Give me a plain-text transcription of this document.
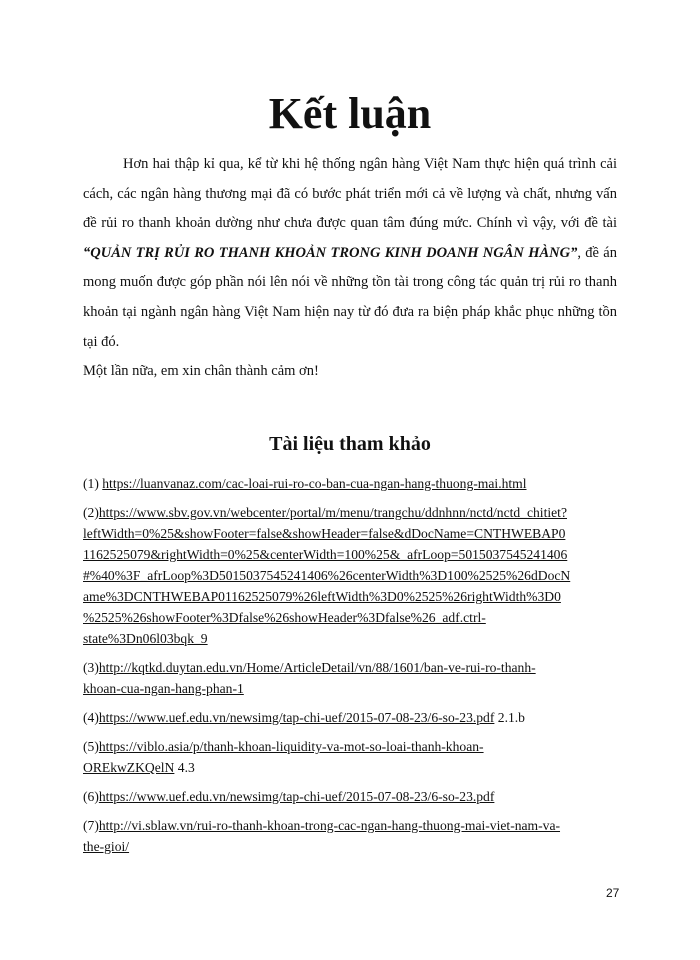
Kết luận

Hơn hai thập kỉ qua, kể từ khi hệ thống ngân hàng Việt Nam thực hiện quá trình cải cách, các ngân hàng thương mại đã có bước phát triển mới cả về lượng và chất, nhưng vấn đề rủi ro thanh khoản dường như chưa được quan tâm đúng mức. Chính vì vậy, với đề tài “QUẢN TRỊ RỦI RO THANH KHOẢN TRONG KINH DOANH NGÂN HÀNG”, đề án mong muốn được góp phần nói lên nói về những tồn tài trong công tác quản trị rủi ro thanh khoản tại ngành ngân hàng Việt Nam hiện nay từ đó đưa ra biện pháp khắc phục những tồn tại đó.

Một lần nữa, em xin chân thành cảm ơn!

Tài liệu tham khảo

(1) https://luanvanaz.com/cac-loai-rui-ro-co-ban-cua-ngan-hang-thuong-mai.html

(2)https://www.sbv.gov.vn/webcenter/portal/m/menu/trangchu/ddnhnn/nctd/nctd_chitiet?
leftWidth=0%25&showFooter=false&showHeader=false&dDocName=CNTHWEBAP0
1162525079&rightWidth=0%25&centerWidth=100%25&_afrLoop=5015037545241406
#%40%3F_afrLoop%3D5015037545241406%26centerWidth%3D100%2525%26dDocN
ame%3DCNTHWEBAP01162525079%26leftWidth%3D0%2525%26rightWidth%3D0
%2525%26showFooter%3Dfalse%26showHeader%3Dfalse%26_adf.ctrl-
state%3Dn06l03bqk_9

(3)http://kqtkd.duytan.edu.vn/Home/ArticleDetail/vn/88/1601/ban-ve-rui-ro-thanh-
khoan-cua-ngan-hang-phan-1

(4)https://www.uef.edu.vn/newsimg/tap-chi-uef/2015-07-08-23/6-so-23.pdf 2.1.b

(5)https://viblo.asia/p/thanh-khoan-liquidity-va-mot-so-loai-thanh-khoan-
OREkwZKQelN 4.3

(6)https://www.uef.edu.vn/newsimg/tap-chi-uef/2015-07-08-23/6-so-23.pdf

(7)http://vi.sblaw.vn/rui-ro-thanh-khoan-trong-cac-ngan-hang-thuong-mai-viet-nam-va-
the-gioi/

27
